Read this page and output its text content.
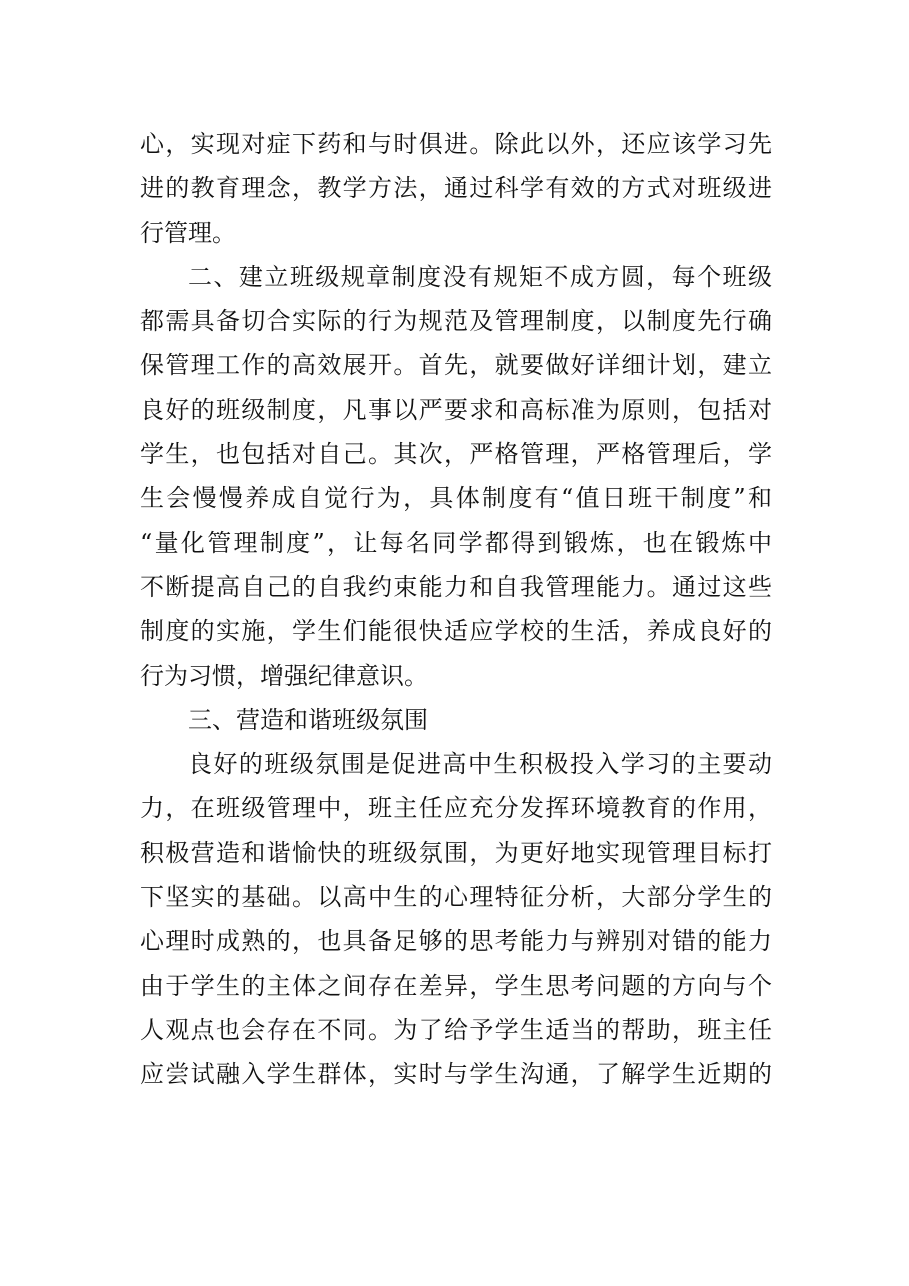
心，实现对症下药和与时俱进。除此以外，还应该学习先
进的教育理念，教学方法，通过科学有效的方式对班级进
行管理。
二、建立班级规章制度没有规矩不成方圆，每个班级
都需具备切合实际的行为规范及管理制度，以制度先行确
保管理工作的高效展开。首先，就要做好详细计划，建立
良好的班级制度，凡事以严要求和高标准为原则，包括对
学生，也包括对自己。其次，严格管理，严格管理后，学
生会慢慢养成自觉行为，具体制度有“值日班干制度”和
“量化管理制度”，让每名同学都得到锻炼，也在锻炼中
不断提高自己的自我约束能力和自我管理能力。通过这些
制度的实施，学生们能很快适应学校的生活，养成良好的
行为习惯，增强纪律意识。
三、营造和谐班级氛围
良好的班级氛围是促进高中生积极投入学习的主要动
力，在班级管理中，班主任应充分发挥环境教育的作用，
积极营造和谐愉快的班级氛围，为更好地实现管理目标打
下坚实的基础。以高中生的心理特征分析，大部分学生的
心理时成熟的，也具备足够的思考能力与辨别对错的能力
由于学生的主体之间存在差异，学生思考问题的方向与个
人观点也会存在不同。为了给予学生适当的帮助，班主任
应尝试融入学生群体，实时与学生沟通，了解学生近期的
